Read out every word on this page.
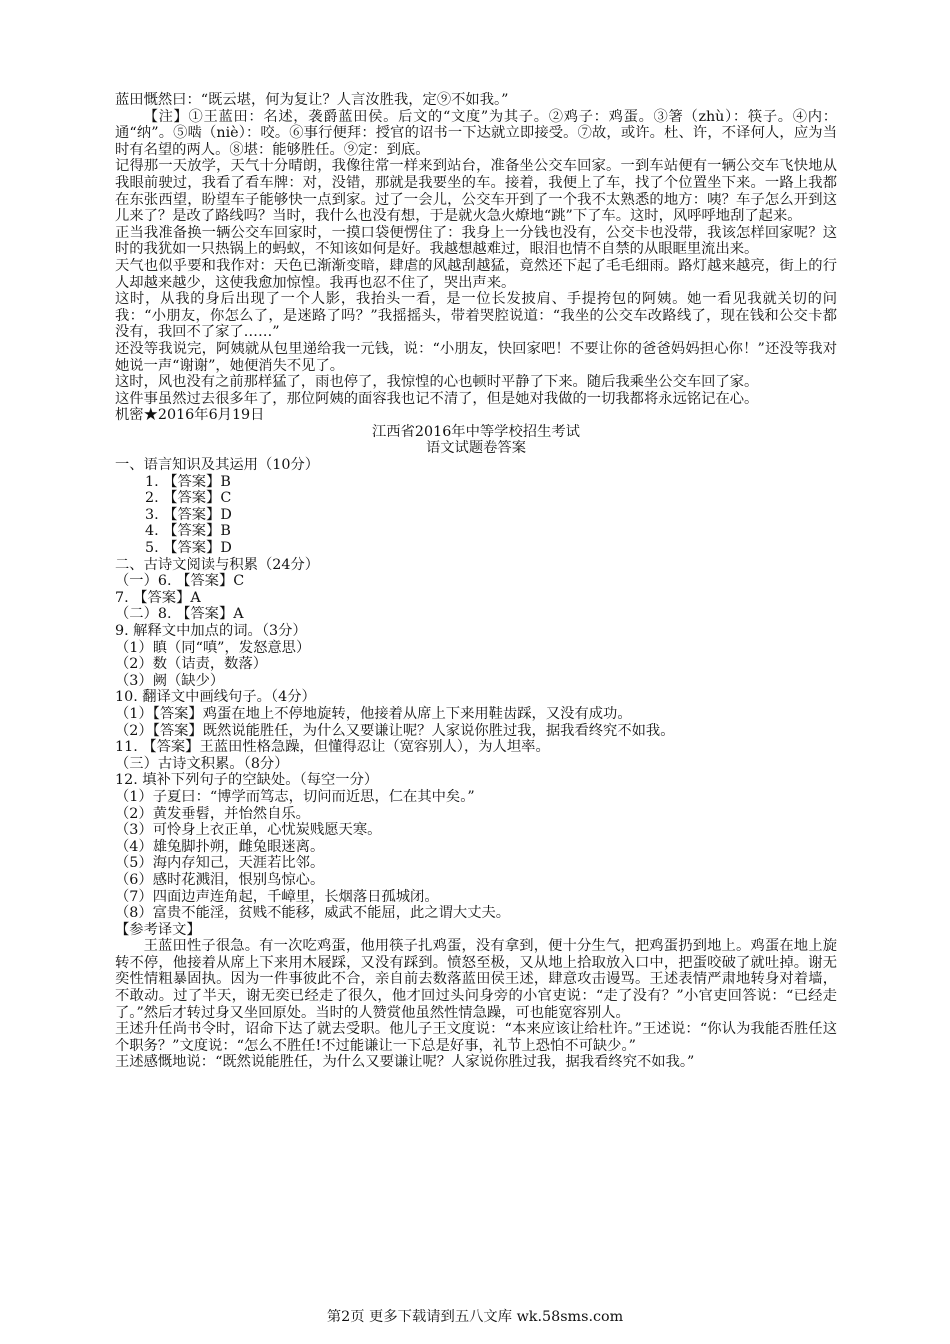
蓝田慨然曰：“既云堪，何为复让？人言汝胜我，定⑨不如我。”

【注】①王蓝田：名述，袭爵蓝田侯。后文的“文度”为其子。②鸡子：鸡蛋。③箸（zhù）：筷子。④内：通“纳”。⑤啮（niè）：咬。⑥事行便拜：授官的诏书一下达就立即接受。⑦故，或许。杜、许，不译何人，应为当时有名望的两人。⑧堪：能够胜任。⑨定：到底。

记得那一天放学，天气十分晴朗，我像往常一样来到站台，准备坐公交车回家。一到车站便有一辆公交车飞快地从我眼前驶过，我看了看车牌：对，没错，那就是我要坐的车。接着，我便上了车，找了个位置坐下来。一路上我都在东张西望，盼望车子能够快一点到家。过了一会儿，公交车开到了一个我不太熟悉的地方：咦？车子怎么开到这儿来了？是改了路线吗？当时，我什么也没有想，于是就火急火燎地“跳”下了车。这时，风呼呼地刮了起来。

正当我准备换一辆公交车回家时，一摸口袋便愣住了：我身上一分钱也没有，公交卡也没带，我该怎样回家呢？这时的我犹如一只热锅上的蚂蚁，不知该如何是好。我越想越难过，眼泪也情不自禁的从眼眶里流出来。

天气也似乎要和我作对：天色已渐渐变暗，肆虐的风越刮越猛，竟然还下起了毛毛细雨。路灯越来越亮，街上的行人却越来越少，这使我愈加惊惶。我再也忍不住了，哭出声来。

这时，从我的身后出现了一个人影，我抬头一看，是一位长发披肩、手提挎包的阿姨。她一看见我就关切的问我：“小朋友，你怎么了，是迷路了吗？”我摇摇头，带着哭腔说道：“我坐的公交车改路线了，现在钱和公交卡都没有，我回不了家了……”

还没等我说完，阿姨就从包里递给我一元钱，说：“小朋友，快回家吧！不要让你的爸爸妈妈担心你！”还没等我对她说一声“谢谢”，她便消失不见了。

这时，风也没有之前那样猛了，雨也停了，我惊惶的心也顿时平静了下来。随后我乘坐公交车回了家。

这件事虽然过去很多年了，那位阿姨的面容我也记不清了，但是她对我做的一切我都将永远铭记在心。

机密★2016年6月19日

江西省2016年中等学校招生考试

语文试题卷答案

一、语言知识及其运用（10分）

1. 【答案】B

2. 【答案】C

3. 【答案】D

4. 【答案】B

5. 【答案】D

二、古诗文阅读与积累（24分）

（一）6. 【答案】C

7. 【答案】A

（二）8. 【答案】A

9. 解释文中加点的词。（3分）

（1）瞋（同“嗔”，发怒意思）

（2）数（诘责，数落）

（3）阙（缺少）

10. 翻译文中画线句子。（4分）

（1）【答案】鸡蛋在地上不停地旋转，他接着从席上下来用鞋齿踩，又没有成功。

（2）【答案】既然说能胜任，为什么又要谦让呢？人家说你胜过我，据我看终究不如我。

11. 【答案】王蓝田性格急躁，但懂得忍让（宽容别人），为人坦率。

（三）古诗文积累。（8分）

12. 填补下列句子的空缺处。（每空一分）

（1）子夏曰：“博学而笃志，切问而近思，仁在其中矣。”

（2）黄发垂髫，并怡然自乐。

（3）可怜身上衣正单，心忧炭贱愿天寒。

（4）雄兔脚扑朔，雌兔眼迷离。

（5）海内存知己，天涯若比邻。

（6）感时花溅泪，恨别鸟惊心。

（7）四面边声连角起，千嶂里，长烟落日孤城闭。

（8）富贵不能淫，贫贱不能移，威武不能屈，此之谓大丈夫。

【参考译文】

王蓝田性子很急。有一次吃鸡蛋，他用筷子扎鸡蛋，没有拿到，便十分生气，把鸡蛋扔到地上。鸡蛋在地上旋转不停，他接着从席上下来用木屐踩，又没有踩到。愤怒至极，又从地上拾取放入口中，把蛋咬破了就吐掉。谢无奕性情粗暴固执。因为一件事彼此不合，亲自前去数落蓝田侯王述，肆意攻击谩骂。王述表情严肃地转身对着墙，不敢动。过了半天，谢无奕已经走了很久，他才回过头问身旁的小官吏说：“走了没有？”小官吏回答说：“已经走了。”然后才转过身又坐回原处。当时的人赞赏他虽然性情急躁，可也能宽容别人。

王述升任尚书令时，诏命下达了就去受职。他儿子王文度说：“本来应该让给杜许。”王述说：“你认为我能否胜任这个职务？”文度说：“怎么不胜任!不过能谦让一下总是好事，礼节上恐怕不可缺少。”

王述感慨地说：“既然说能胜任，为什么又要谦让呢？人家说你胜过我，据我看终究不如我。”

第2页 更多下载请到五八文库 wk.58sms.com
